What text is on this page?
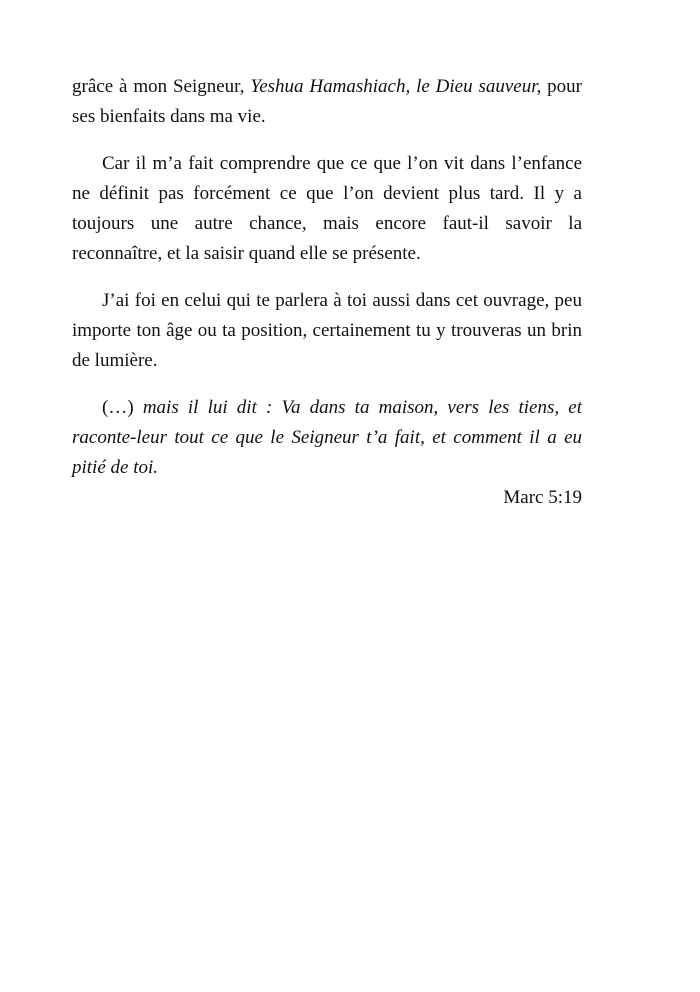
grâce à mon Seigneur, Yeshua Hamashiach, le Dieu sauveur, pour ses bienfaits dans ma vie.

Car il m’a fait comprendre que ce que l’on vit dans l’enfance ne définit pas forcément ce que l’on devient plus tard. Il y a toujours une autre chance, mais encore faut-il savoir la reconnaître, et la saisir quand elle se présente.

J’ai foi en celui qui te parlera à toi aussi dans cet ouvrage, peu importe ton âge ou ta position, certainement tu y trouveras un brin de lumière.

(…) mais il lui dit : Va dans ta maison, vers les tiens, et raconte-leur tout ce que le Seigneur t’a fait, et comment il a eu pitié de toi.

Marc 5:19
